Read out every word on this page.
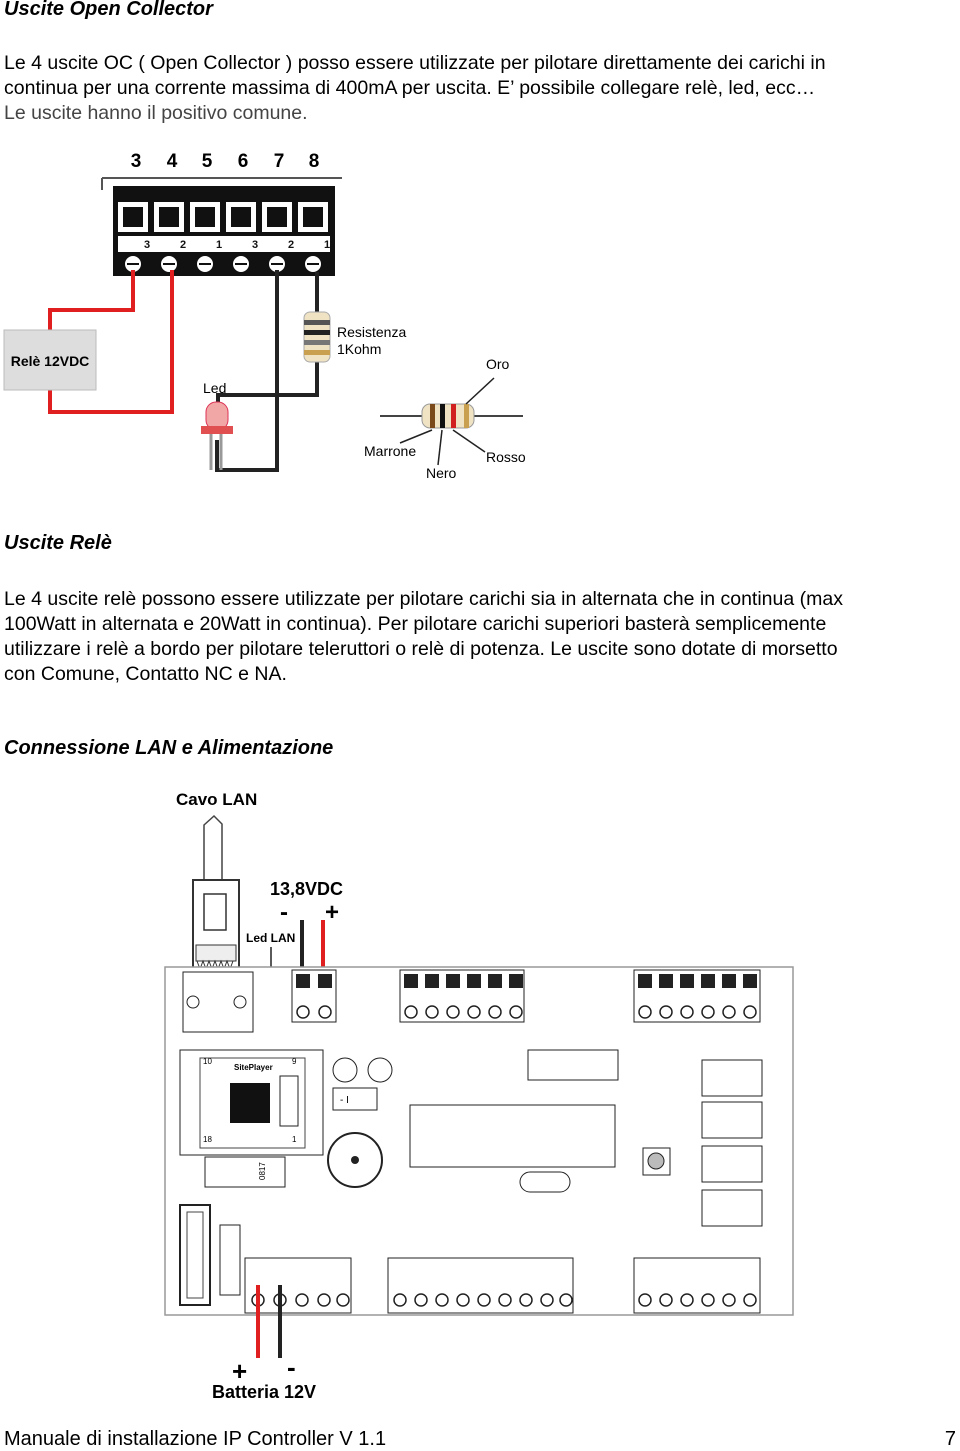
Uscite Open Collector
Le 4 uscite OC ( Open Collector ) posso essere utilizzate per pilotare direttamente dei carichi in
continua per una corrente massima di 400mA per uscita. E’ possibile collegare relè, led, ecc…
Le uscite hanno il positivo comune.
3 4 5 6 7 8
3	2	1	3	2	1
Relè 12VDC
Resistenza
1Kohm
Led
Oro
Marrone
Nero
Rosso
Uscite Relè
Le 4 uscite relè possono essere utilizzate per pilotare carichi sia in alternata che in continua (max
100Watt in alternata e 20Watt in continua). Per pilotare carichi superiori basterà semplicemente
utilizzare i relè a bordo per pilotare teleruttori o relè di potenza. Le uscite sono dotate di morsetto
con Comune, Contatto NC e NA.
Connessione LAN e Alimentazione
Cavo LAN
13,8VDC
- +
Led LAN
SitePlayer
10	9
18	1
- I
0817
+ -
Batteria 12V
Manuale di installazione IP Controller V 1.1	7
